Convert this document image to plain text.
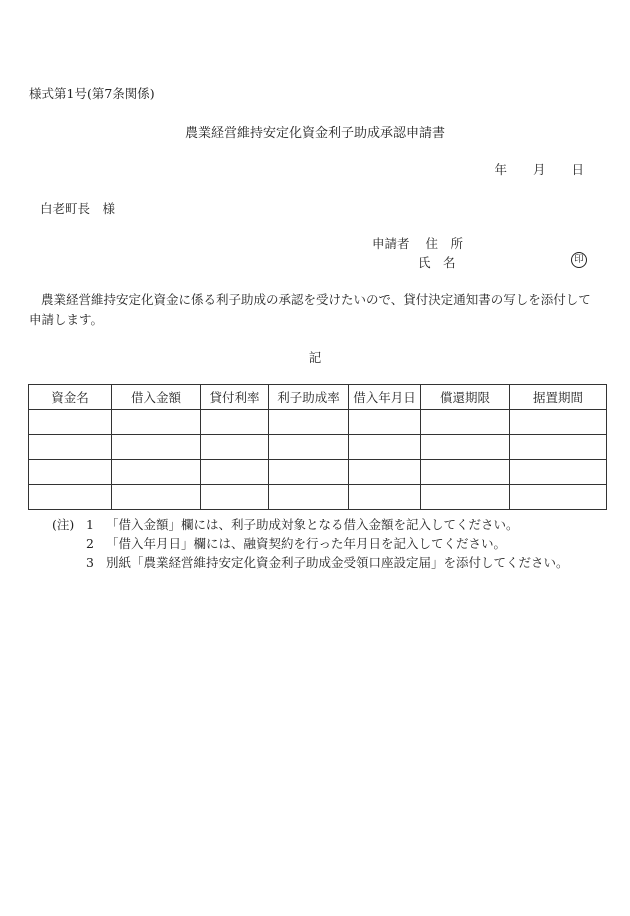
様式第1号(第7条関係)
農業経営維持安定化資金利子助成承認申請書
年 月 日
白老町長　様
申請者 住　所
氏　名	印
農業経営維持安定化資金に係る利子助成の承認を受けたいので、貸付決定通知書の写しを添付して申請します。
記
資金名	借入金額	貸付利率	利子助成率	借入年月日	償還期限	据置期間

(注) 1 「借入金額」欄には、利子助成対象となる借入金額を記入してください。
2 「借入年月日」欄には、融資契約を行った年月日を記入してください。
3 別紙「農業経営維持安定化資金利子助成金受領口座設定届」を添付してください。
